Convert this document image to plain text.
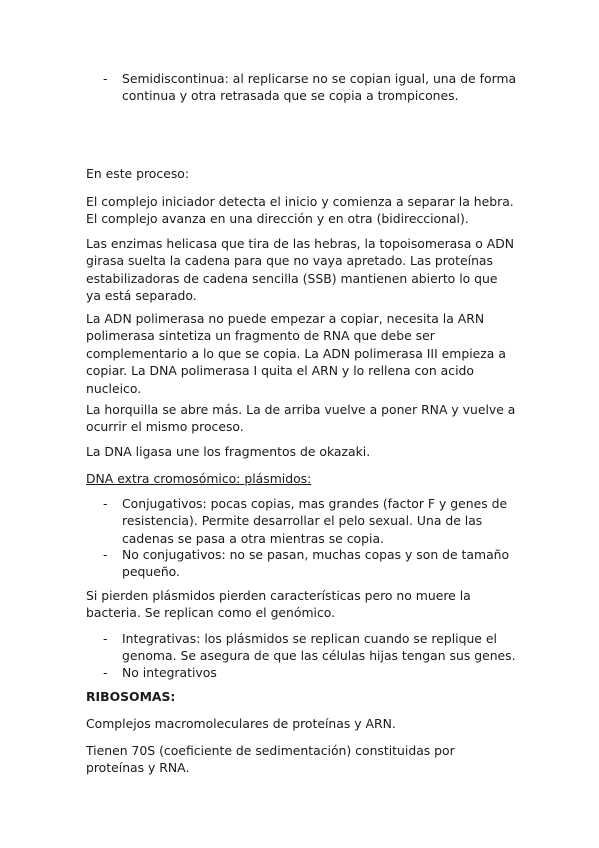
- Semidiscontinua: al replicarse no se copian igual, una de forma continua y otra retrasada que se copia a trompicones.

En este proceso:

El complejo iniciador detecta el inicio y comienza a separar la hebra. El complejo avanza en una dirección y en otra (bidireccional).

Las enzimas helicasa que tira de las hebras, la topoisomerasa o ADN girasa suelta la cadena para que no vaya apretado. Las proteínas estabilizadoras de cadena sencilla (SSB) mantienen abierto lo que ya está separado.

La ADN polimerasa no puede empezar a copiar, necesita la ARN polimerasa sintetiza un fragmento de RNA que debe ser complementario a lo que se copia. La ADN polimerasa III empieza a copiar. La DNA polimerasa I quita el ARN y lo rellena con acido nucleico.

La horquilla se abre más. La de arriba vuelve a poner RNA y vuelve a ocurrir el mismo proceso.

La DNA ligasa une los fragmentos de okazaki.

DNA extra cromosómico: plásmidos:

- Conjugativos: pocas copias, mas grandes (factor F y genes de resistencia). Permite desarrollar el pelo sexual. Una de las cadenas se pasa a otra mientras se copia.
- No conjugativos: no se pasan, muchas copas y son de tamaño pequeño.

Si pierden plásmidos pierden características pero no muere la bacteria. Se replican como el genómico.

- Integrativas: los plásmidos se replican cuando se replique el genoma. Se asegura de que las células hijas tengan sus genes.
- No integrativos

RIBOSOMAS:

Complejos macromoleculares de proteínas y ARN.

Tienen 70S (coeficiente de sedimentación) constituidas por proteínas y RNA.
